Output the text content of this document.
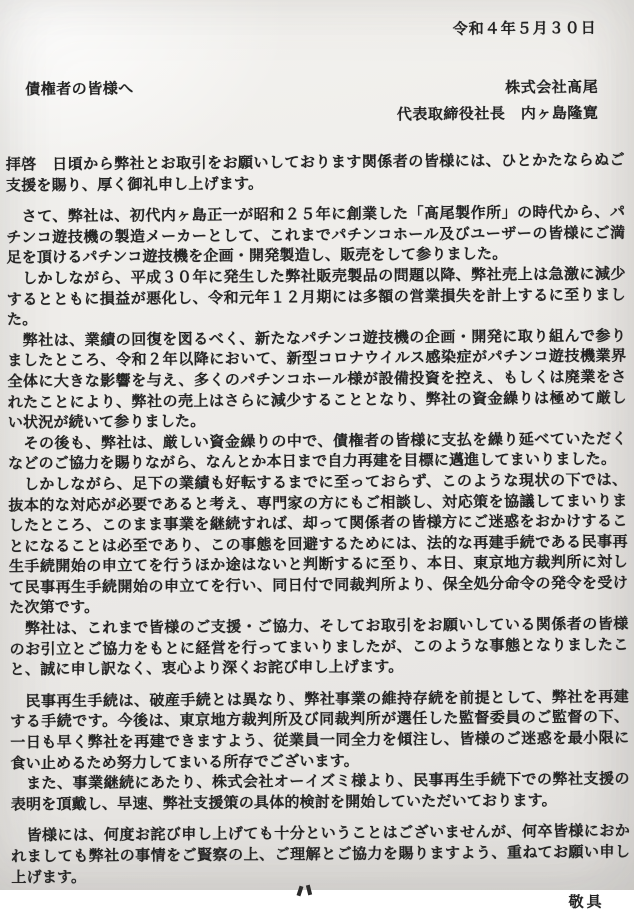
令和４年５月３０日
債権者の皆様へ	株式会社髙尾
代表取締役社長　内ヶ島隆寛

拝啓　日頃から弊社とお取引をお願いしております関係者の皆様には、ひとかたならぬご支援を賜り、厚く御礼申し上げます。

　さて、弊社は、初代内ヶ島正一が昭和２５年に創業した「髙尾製作所」の時代から、パチンコ遊技機の製造メーカーとして、これまでパチンコホール及びユーザーの皆様にご満足を頂けるパチンコ遊技機を企画・開発製造し、販売をして参りました。

　しかしながら、平成３０年に発生した弊社販売製品の問題以降、弊社売上は急激に減少するとともに損益が悪化し、令和元年１２月期には多額の営業損失を計上するに至りました。

　弊社は、業績の回復を図るべく、新たなパチンコ遊技機の企画・開発に取り組んで参りましたところ、令和２年以降において、新型コロナウイルス感染症がパチンコ遊技機業界全体に大きな影響を与え、多くのパチンコホール様が設備投資を控え、もしくは廃業をされたことにより、弊社の売上はさらに減少することとなり、弊社の資金繰りは極めて厳しい状況が続いて参りました。

　その後も、弊社は、厳しい資金繰りの中で、債権者の皆様に支払を繰り延べていただくなどのご協力を賜りながら、なんとか本日まで自力再建を目標に邁進してまいりました。

　しかしながら、足下の業績も好転するまでに至っておらず、このような現状の下では、抜本的な対応が必要であると考え、専門家の方にもご相談し、対応策を協議してまいりましたところ、このまま事業を継続すれば、却って関係者の皆様方にご迷惑をおかけすることになることは必至であり、この事態を回避するためには、法的な再建手続である民事再生手続開始の申立てを行うほか途はないと判断するに至り、本日、東京地方裁判所に対して民事再生手続開始の申立てを行い、同日付で同裁判所より、保全処分命令の発令を受けた次第です。

　弊社は、これまで皆様のご支援・ご協力、そしてお取引をお願いしている関係者の皆様のお引立とご協力をもとに経営を行ってまいりましたが、このような事態となりましたこと、誠に申し訳なく、衷心より深くお詫び申し上げます。

　民事再生手続は、破産手続とは異なり、弊社事業の維持存続を前提として、弊社を再建する手続です。今後は、東京地方裁判所及び同裁判所が選任した監督委員のご監督の下、一日も早く弊社を再建できますよう、従業員一同全力を傾注し、皆様のご迷惑を最小限に食い止めるため努力してまいる所存でございます。

　また、事業継続にあたり、株式会社オーイズミ様より、民事再生手続下での弊社支援の表明を頂戴し、早速、弊社支援策の具体的検討を開始していただいております。

　皆様には、何度お詫び申し上げても十分ということはございませんが、何卒皆様におかれましても弊社の事情をご賢察の上、ご理解とご協力を賜りますよう、重ねてお願い申し上げます。

敬具
